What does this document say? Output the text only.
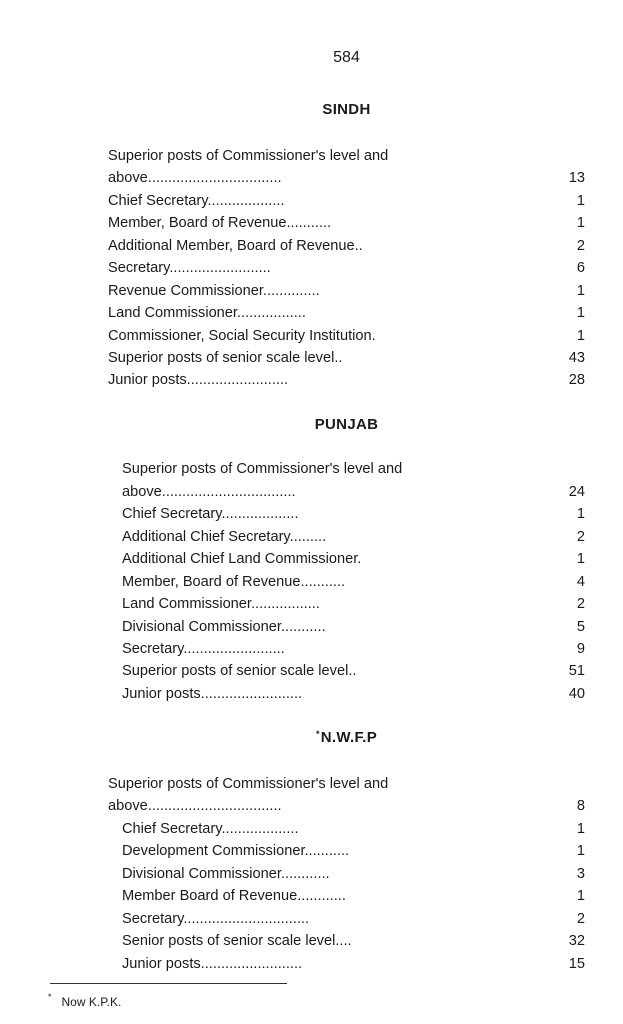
584
SINDH
Superior posts of Commissioner's level and
above.................................	13
Chief Secretary...................	1
Member, Board of Revenue...........	1
Additional Member, Board of Revenue..	2
Secretary.........................	6
Revenue Commissioner..............	1
Land Commissioner.................	1
Commissioner, Social Security Institution.	1
Superior posts of senior scale level..	43
Junior posts.........................	28
PUNJAB
Superior posts of Commissioner's level and
above.................................	24
Chief Secretary...................	1
Additional Chief Secretary.........	2
Additional Chief Land Commissioner.	1
Member, Board of Revenue...........	4
Land Commissioner.................	2
Divisional Commissioner...........	5
Secretary.........................	9
Superior posts of senior scale level..	51
Junior posts.........................	40
*N.W.F.P
Superior posts of Commissioner's level and
above.................................	8
Chief Secretary...................	1
Development Commissioner...........	1
Divisional Commissioner............	3
Member Board of Revenue............	1
Secretary...............................	2
Senior posts of senior scale level....	32
Junior posts.........................	15
* Now K.P.K.
